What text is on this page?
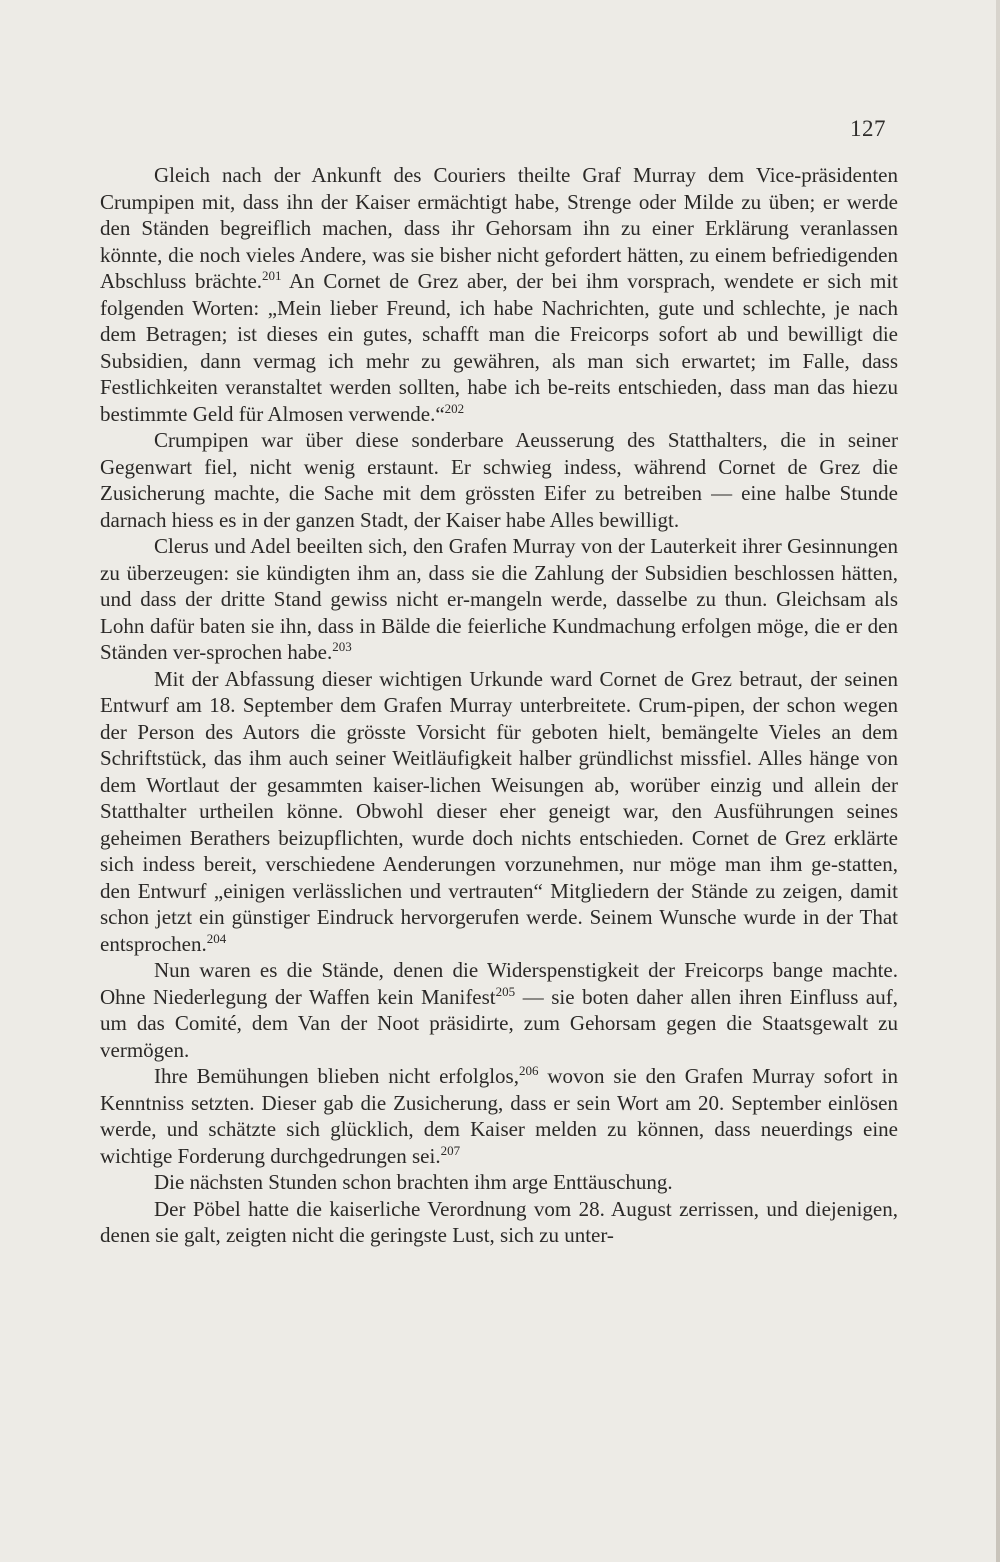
127

Gleich nach der Ankunft des Couriers theilte Graf Murray dem Vice-präsidenten Crumpipen mit, dass ihn der Kaiser ermächtigt habe, Strenge oder Milde zu üben; er werde den Ständen begreiflich machen, dass ihr Gehorsam ihn zu einer Erklärung veranlassen könnte, die noch vieles Andere, was sie bisher nicht gefordert hätten, zu einem befriedigenden Abschluss brächte.$^{201}$ An Cornet de Grez aber, der bei ihm vorsprach, wendete er sich mit folgenden Worten: „Mein lieber Freund, ich habe Nachrichten, gute und schlechte, je nach dem Betragen; ist dieses ein gutes, schafft man die Freicorps sofort ab und bewilligt die Subsidien, dann vermag ich mehr zu gewähren, als man sich erwartet; im Falle, dass Festlichkeiten veranstaltet werden sollten, habe ich be-reits entschieden, dass man das hiezu bestimmte Geld für Almosen verwende.“$^{202}$

Crumpipen war über diese sonderbare Aeusserung des Statthalters, die in seiner Gegenwart fiel, nicht wenig erstaunt. Er schwieg indess, während Cornet de Grez die Zusicherung machte, die Sache mit dem grössten Eifer zu betreiben — eine halbe Stunde darnach hiess es in der ganzen Stadt, der Kaiser habe Alles bewilligt.

Clerus und Adel beeilten sich, den Grafen Murray von der Lauterkeit ihrer Gesinnungen zu überzeugen: sie kündigten ihm an, dass sie die Zahlung der Subsidien beschlossen hätten, und dass der dritte Stand gewiss nicht er-mangeln werde, dasselbe zu thun. Gleichsam als Lohn dafür baten sie ihn, dass in Bälde die feierliche Kundmachung erfolgen möge, die er den Ständen ver-sprochen habe.$^{203}$

Mit der Abfassung dieser wichtigen Urkunde ward Cornet de Grez betraut, der seinen Entwurf am 18. September dem Grafen Murray unterbreitete. Crum-pipen, der schon wegen der Person des Autors die grösste Vorsicht für geboten hielt, bemängelte Vieles an dem Schriftstück, das ihm auch seiner Weitläufigkeit halber gründlichst missfiel. Alles hänge von dem Wortlaut der gesammten kaiser-lichen Weisungen ab, worüber einzig und allein der Statthalter urtheilen könne. Obwohl dieser eher geneigt war, den Ausführungen seines geheimen Berathers beizupflichten, wurde doch nichts entschieden. Cornet de Grez erklärte sich indess bereit, verschiedene Aenderungen vorzunehmen, nur möge man ihm ge-statten, den Entwurf „einigen verlässlichen und vertrauten“ Mitgliedern der Stände zu zeigen, damit schon jetzt ein günstiger Eindruck hervorgerufen werde. Seinem Wunsche wurde in der That entsprochen.$^{204}$

Nun waren es die Stände, denen die Widerspenstigkeit der Freicorps bange machte. Ohne Niederlegung der Waffen kein Manifest$^{205}$ — sie boten daher allen ihren Einfluss auf, um das Comité, dem Van der Noot präsidirte, zum Gehorsam gegen die Staatsgewalt zu vermögen.

Ihre Bemühungen blieben nicht erfolglos,$^{206}$ wovon sie den Grafen Murray sofort in Kenntniss setzten. Dieser gab die Zusicherung, dass er sein Wort am 20. September einlösen werde, und schätzte sich glücklich, dem Kaiser melden zu können, dass neuerdings eine wichtige Forderung durchgedrungen sei.$^{207}$

Die nächsten Stunden schon brachten ihm arge Enttäuschung.

Der Pöbel hatte die kaiserliche Verordnung vom 28. August zerrissen, und diejenigen, denen sie galt, zeigten nicht die geringste Lust, sich zu unter-
